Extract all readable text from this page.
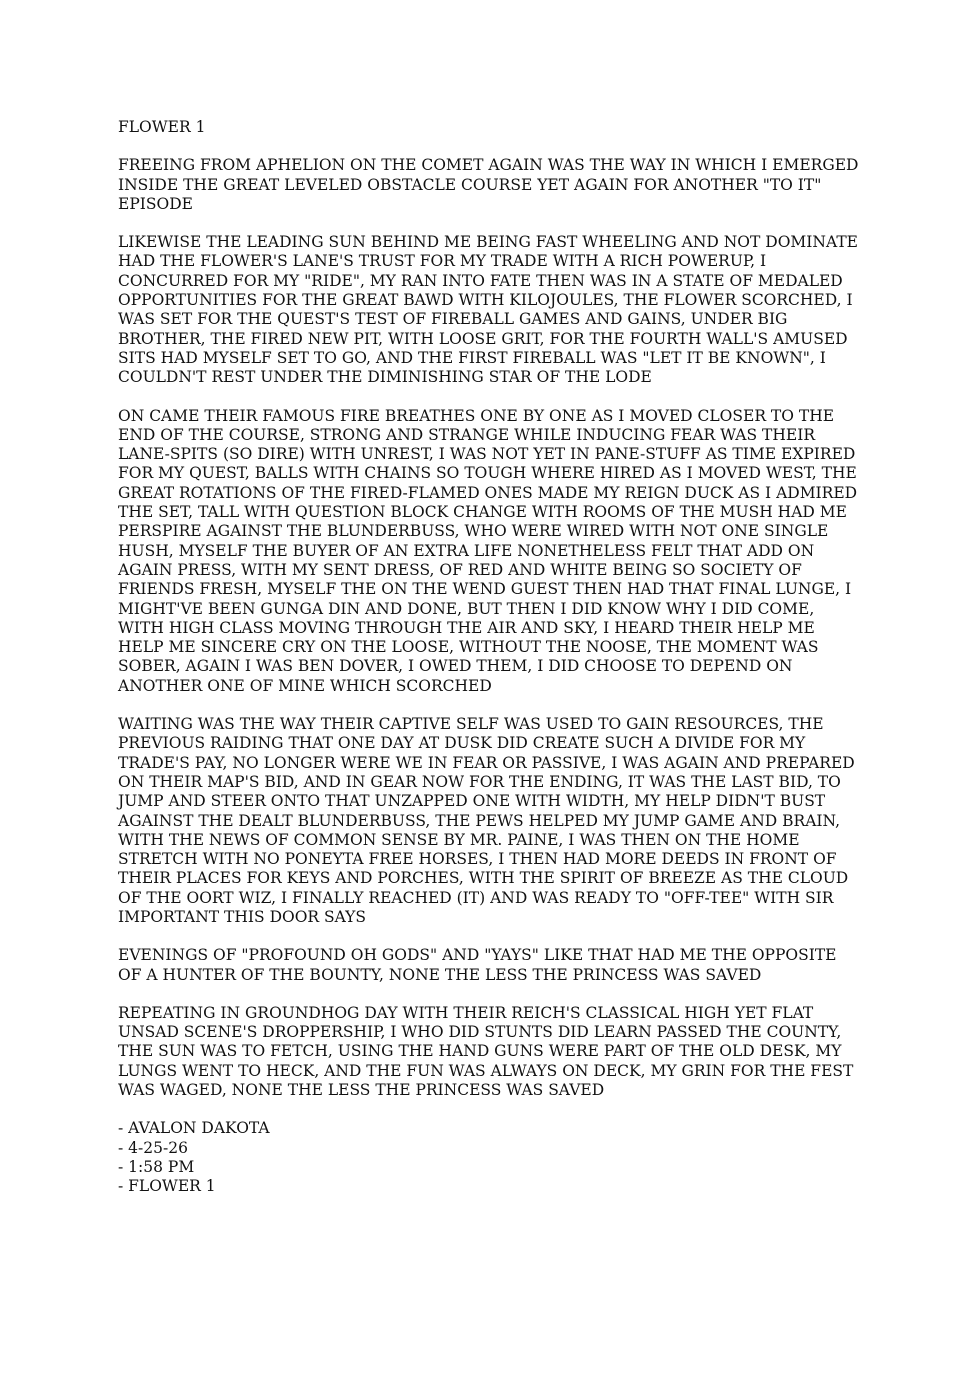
FLOWER 1
FREEING FROM APHELION ON THE COMET AGAIN WAS THE WAY IN WHICH I EMERGED INSIDE THE GREAT LEVELED OBSTACLE COURSE YET AGAIN FOR ANOTHER "TO IT" EPISODE
LIKEWISE THE LEADING SUN BEHIND ME BEING FAST WHEELING AND NOT DOMINATE HAD THE FLOWER'S LANE'S TRUST FOR MY TRADE WITH A RICH POWERUP, I CONCURRED FOR MY "RIDE", MY RAN INTO FATE THEN WAS IN A STATE OF MEDALED OPPORTUNITIES FOR THE GREAT BAWD WITH KILOJOULES, THE FLOWER SCORCHED, I WAS SET FOR THE QUEST'S TEST OF FIREBALL GAMES AND GAINS, UNDER BIG BROTHER, THE FIRED NEW PIT, WITH LOOSE GRIT, FOR THE FOURTH WALL'S AMUSED SITS HAD MYSELF SET TO GO, AND THE FIRST FIREBALL WAS "LET IT BE KNOWN", I COULDN'T REST UNDER THE DIMINISHING STAR OF THE LODE
ON CAME THEIR FAMOUS FIRE BREATHES ONE BY ONE AS I MOVED CLOSER TO THE END OF THE COURSE, STRONG AND STRANGE WHILE INDUCING FEAR WAS THEIR LANE-SPITS (SO DIRE) WITH UNREST, I WAS NOT YET IN PANE-STUFF AS TIME EXPIRED FOR MY QUEST, BALLS WITH CHAINS SO TOUGH WHERE HIRED AS I MOVED WEST, THE GREAT ROTATIONS OF THE FIRED-FLAMED ONES MADE MY REIGN DUCK AS I ADMIRED THE SET, TALL WITH QUESTION BLOCK CHANGE WITH ROOMS OF THE MUSH HAD ME PERSPIRE AGAINST THE BLUNDERBUSS, WHO WERE WIRED WITH NOT ONE SINGLE HUSH, MYSELF THE BUYER OF AN EXTRA LIFE NONETHELESS FELT THAT ADD ON AGAIN PRESS, WITH MY SENT DRESS, OF RED AND WHITE BEING SO SOCIETY OF FRIENDS FRESH, MYSELF THE ON THE WEND GUEST THEN HAD THAT FINAL LUNGE, I MIGHT'VE BEEN GUNGA DIN AND DONE, BUT THEN I DID KNOW WHY I DID COME, WITH HIGH CLASS MOVING THROUGH THE AIR AND SKY, I HEARD THEIR HELP ME HELP ME SINCERE CRY ON THE LOOSE, WITHOUT THE NOOSE, THE MOMENT WAS SOBER, AGAIN I WAS BEN DOVER, I OWED THEM, I DID CHOOSE TO DEPEND ON ANOTHER ONE OF MINE WHICH SCORCHED
WAITING WAS THE WAY THEIR CAPTIVE SELF WAS USED TO GAIN RESOURCES, THE PREVIOUS RAIDING THAT ONE DAY AT DUSK DID CREATE SUCH A DIVIDE FOR MY TRADE'S PAY, NO LONGER WERE WE IN FEAR OR PASSIVE, I WAS AGAIN AND PREPARED ON THEIR MAP'S BID, AND IN GEAR NOW FOR THE ENDING, IT WAS THE LAST BID, TO JUMP AND STEER ONTO THAT UNZAPPED ONE WITH WIDTH, MY HELP DIDN'T BUST AGAINST THE DEALT BLUNDERBUSS, THE PEWS HELPED MY JUMP GAME AND BRAIN, WITH THE NEWS OF COMMON SENSE BY MR. PAINE, I WAS THEN ON THE HOME STRETCH WITH NO PONEYTA FREE HORSES, I THEN HAD MORE DEEDS IN FRONT OF THEIR PLACES FOR KEYS AND PORCHES, WITH THE SPIRIT OF BREEZE AS THE CLOUD OF THE OORT WIZ, I FINALLY REACHED (IT) AND WAS READY TO "OFF-TEE" WITH SIR IMPORTANT THIS DOOR SAYS
EVENINGS OF "PROFOUND OH GODS" AND "YAYS" LIKE THAT HAD ME THE OPPOSITE OF A HUNTER OF THE BOUNTY, NONE THE LESS THE PRINCESS WAS SAVED
REPEATING IN GROUNDHOG DAY WITH THEIR REICH'S CLASSICAL HIGH YET FLAT UNSAD SCENE'S DROPPERSHIP, I WHO DID STUNTS DID LEARN PASSED THE COUNTY, THE SUN WAS TO FETCH, USING THE HAND GUNS WERE PART OF THE OLD DESK, MY LUNGS WENT TO HECK, AND THE FUN WAS ALWAYS ON DECK, MY GRIN FOR THE FEST WAS WAGED, NONE THE LESS THE PRINCESS WAS SAVED
- AVALON DAKOTA
- 4-25-26
- 1:58 PM
- FLOWER 1
